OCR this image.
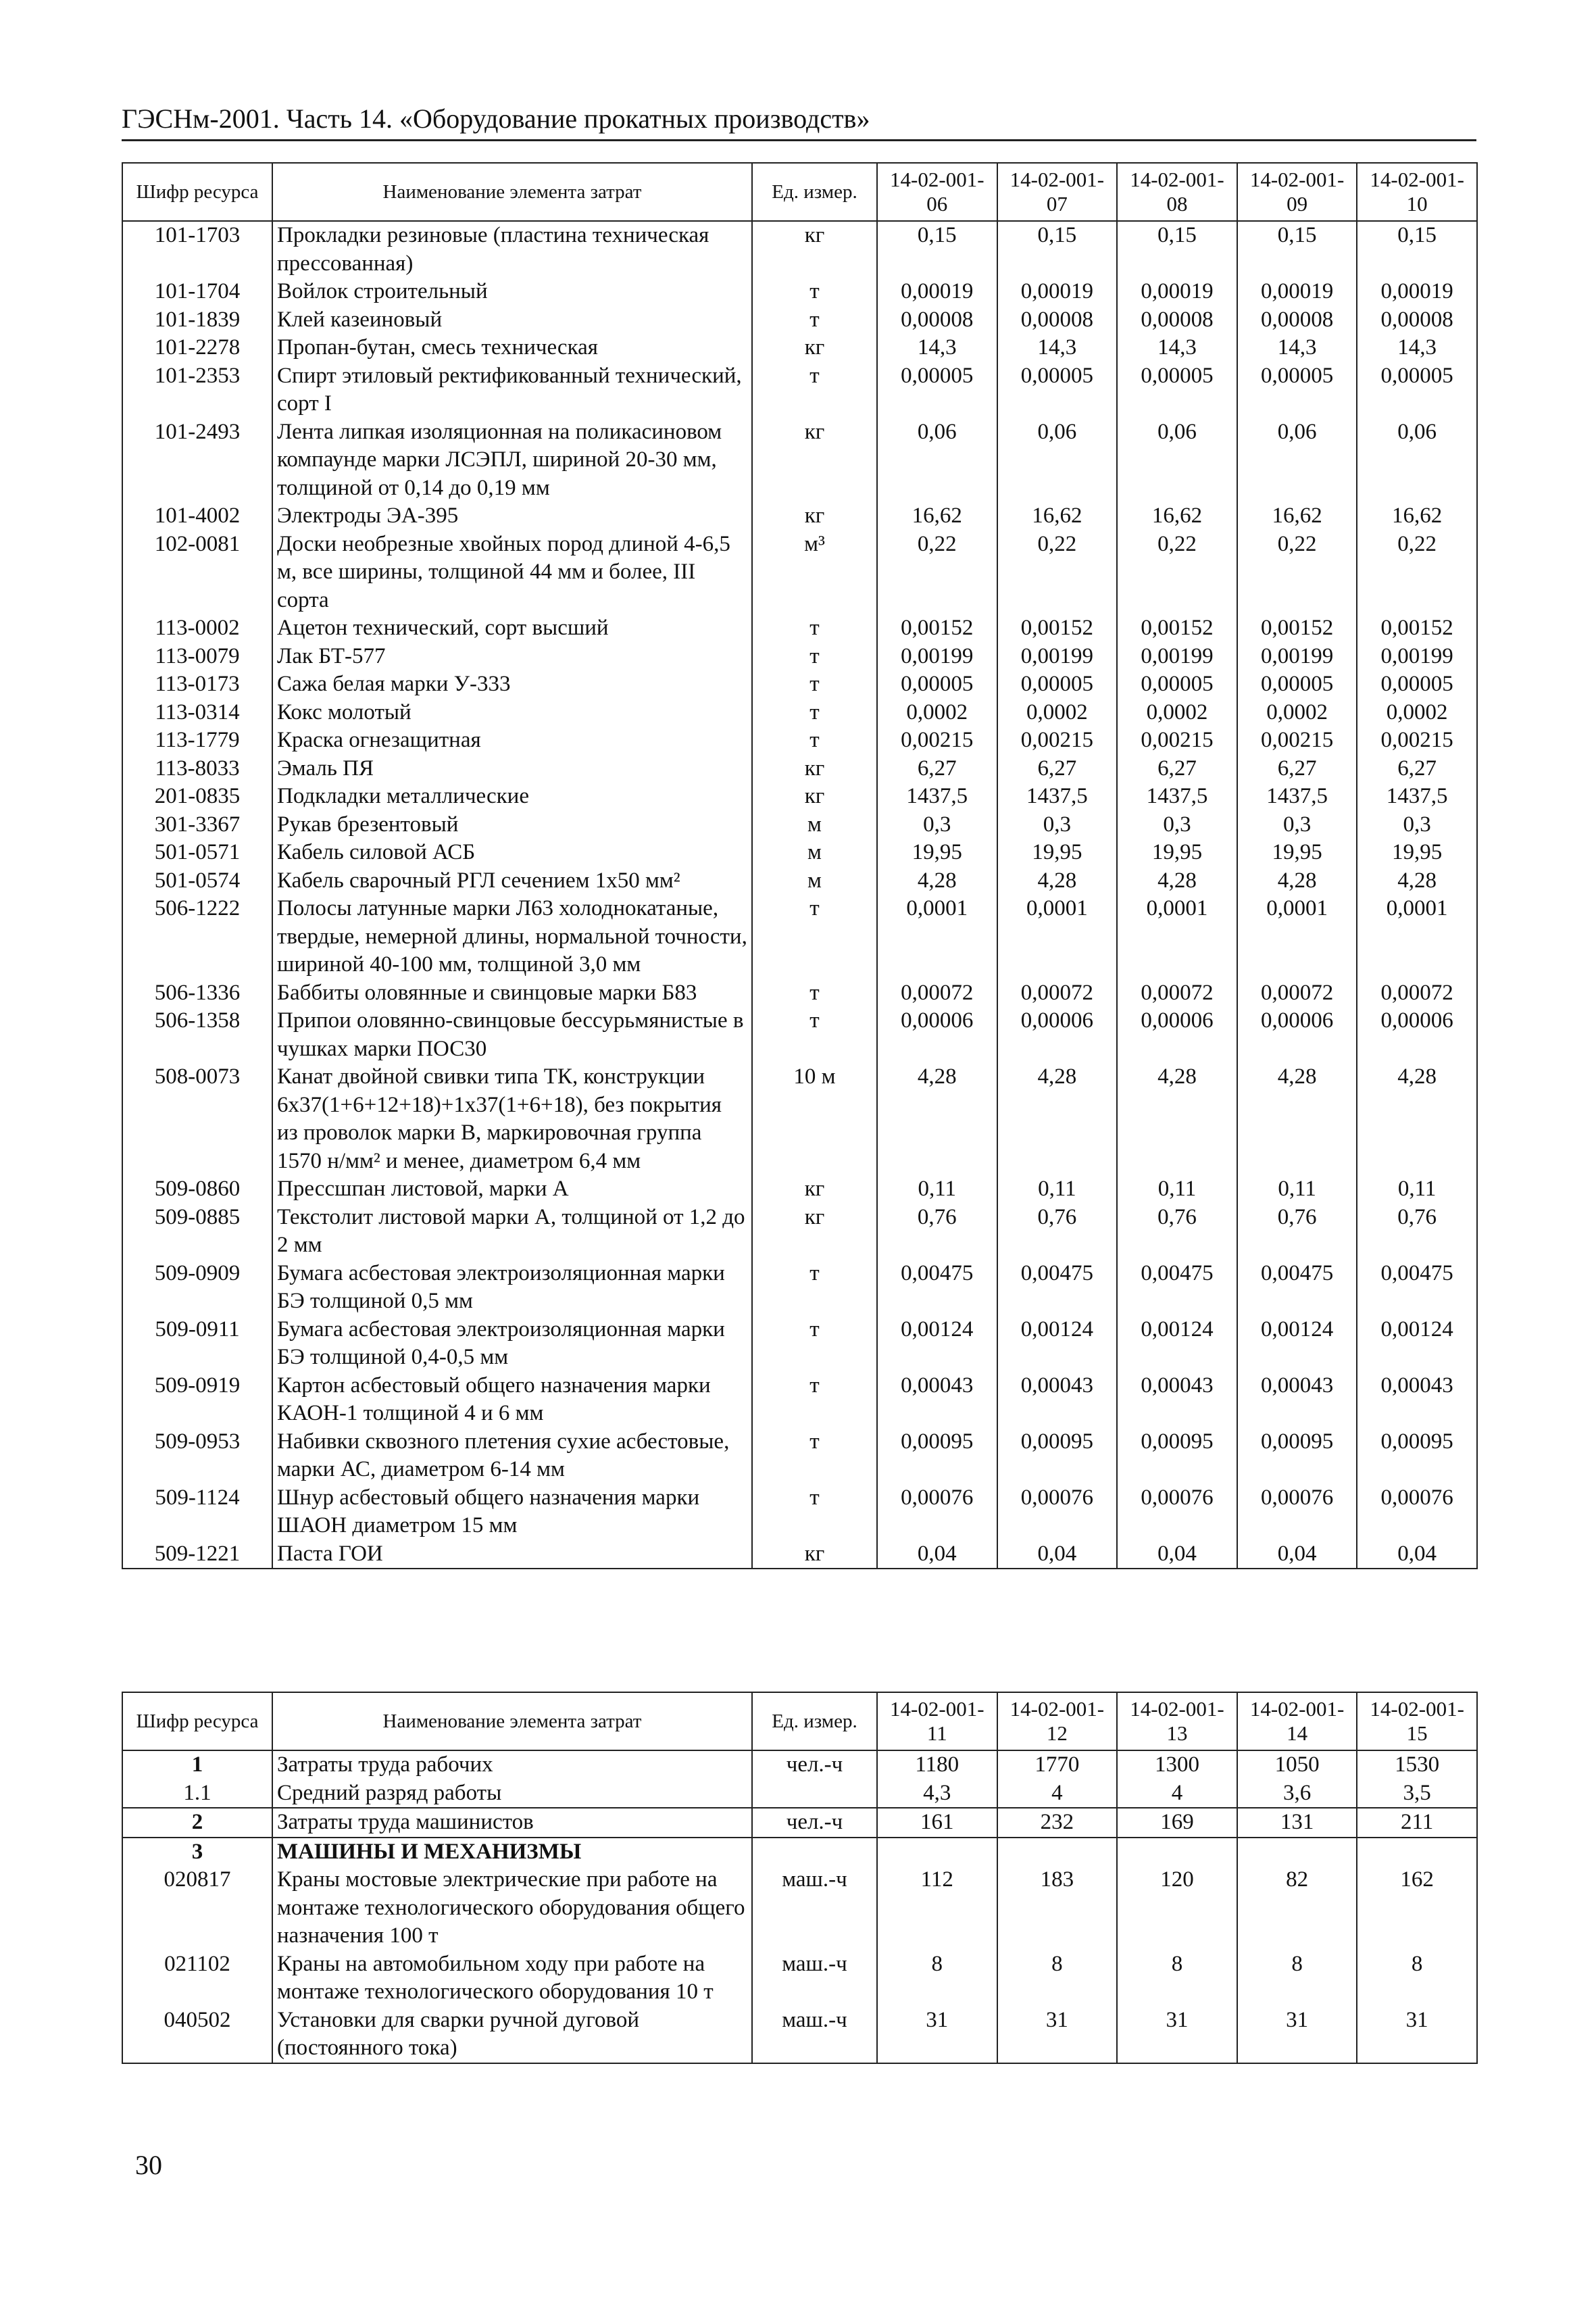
ГЭСНм-2001. Часть 14. «Оборудование прокатных производств»
Шифр ресурса	Наименование элемента затрат	Ед. измер.	14-02-001-06	14-02-001-07	14-02-001-08	14-02-001-09	14-02-001-10
101-1703	Прокладки резиновые (пластина техническая прессованная)	кг	0,15	0,15	0,15	0,15	0,15
101-1704	Войлок строительный	т	0,00019	0,00019	0,00019	0,00019	0,00019
101-1839	Клей казеиновый	т	0,00008	0,00008	0,00008	0,00008	0,00008
101-2278	Пропан-бутан, смесь техническая	кг	14,3	14,3	14,3	14,3	14,3
101-2353	Спирт этиловый ректификованный технический, сорт I	т	0,00005	0,00005	0,00005	0,00005	0,00005
101-2493	Лента липкая изоляционная на поликасиновом компаунде марки ЛСЭПЛ, шириной 20-30 мм, толщиной от 0,14 до 0,19 мм	кг	0,06	0,06	0,06	0,06	0,06
101-4002	Электроды ЭА-395	кг	16,62	16,62	16,62	16,62	16,62
102-0081	Доски необрезные хвойных пород длиной 4-6,5 м, все ширины, толщиной 44 мм и более, III сорта	м³	0,22	0,22	0,22	0,22	0,22
113-0002	Ацетон технический, сорт высший	т	0,00152	0,00152	0,00152	0,00152	0,00152
113-0079	Лак БТ-577	т	0,00199	0,00199	0,00199	0,00199	0,00199
113-0173	Сажа белая марки У-333	т	0,00005	0,00005	0,00005	0,00005	0,00005
113-0314	Кокс молотый	т	0,0002	0,0002	0,0002	0,0002	0,0002
113-1779	Краска огнезащитная	т	0,00215	0,00215	0,00215	0,00215	0,00215
113-8033	Эмаль ПЯ	кг	6,27	6,27	6,27	6,27	6,27
201-0835	Подкладки металлические	кг	1437,5	1437,5	1437,5	1437,5	1437,5
301-3367	Рукав брезентовый	м	0,3	0,3	0,3	0,3	0,3
501-0571	Кабель силовой АСБ	м	19,95	19,95	19,95	19,95	19,95
501-0574	Кабель сварочный РГЛ сечением 1х50 мм²	м	4,28	4,28	4,28	4,28	4,28
506-1222	Полосы латунные марки Л63 холоднокатаные, твердые, немерной длины, нормальной точности, шириной 40-100 мм, толщиной 3,0 мм	т	0,0001	0,0001	0,0001	0,0001	0,0001
506-1336	Баббиты оловянные и свинцовые марки Б83	т	0,00072	0,00072	0,00072	0,00072	0,00072
506-1358	Припои оловянно-свинцовые бессурьмянистые в чушках марки ПОС30	т	0,00006	0,00006	0,00006	0,00006	0,00006
508-0073	Канат двойной свивки типа ТК, конструкции 6х37(1+6+12+18)+1х37(1+6+18), без покрытия из проволок марки В, маркировочная группа 1570 н/мм² и менее, диаметром 6,4 мм	10 м	4,28	4,28	4,28	4,28	4,28
509-0860	Прессшпан листовой, марки А	кг	0,11	0,11	0,11	0,11	0,11
509-0885	Текстолит листовой марки А, толщиной от 1,2 до 2 мм	кг	0,76	0,76	0,76	0,76	0,76
509-0909	Бумага асбестовая электроизоляционная марки БЭ толщиной 0,5 мм	т	0,00475	0,00475	0,00475	0,00475	0,00475
509-0911	Бумага асбестовая электроизоляционная марки БЭ толщиной 0,4-0,5 мм	т	0,00124	0,00124	0,00124	0,00124	0,00124
509-0919	Картон асбестовый общего назначения марки КАОН-1 толщиной 4 и 6 мм	т	0,00043	0,00043	0,00043	0,00043	0,00043
509-0953	Набивки сквозного плетения сухие асбестовые, марки АС, диаметром 6-14 мм	т	0,00095	0,00095	0,00095	0,00095	0,00095
509-1124	Шнур асбестовый общего назначения марки ШАОН диаметром 15 мм	т	0,00076	0,00076	0,00076	0,00076	0,00076
509-1221	Паста ГОИ	кг	0,04	0,04	0,04	0,04	0,04
Шифр ресурса	Наименование элемента затрат	Ед. измер.	14-02-001-11	14-02-001-12	14-02-001-13	14-02-001-14	14-02-001-15
1	Затраты труда рабочих	чел.-ч	1180	1770	1300	1050	1530
1.1	Средний разряд работы		4,3	4	4	3,6	3,5
2	Затраты труда машинистов	чел.-ч	161	232	169	131	211
3	МАШИНЫ И МЕХАНИЗМЫ						
020817	Краны мостовые электрические при работе на монтаже технологического оборудования общего назначения 100 т	маш.-ч	112	183	120	82	162
021102	Краны на автомобильном ходу при работе на монтаже технологического оборудования 10 т	маш.-ч	8	8	8	8	8
040502	Установки для сварки ручной дуговой (постоянного тока)	маш.-ч	31	31	31	31	31
30
